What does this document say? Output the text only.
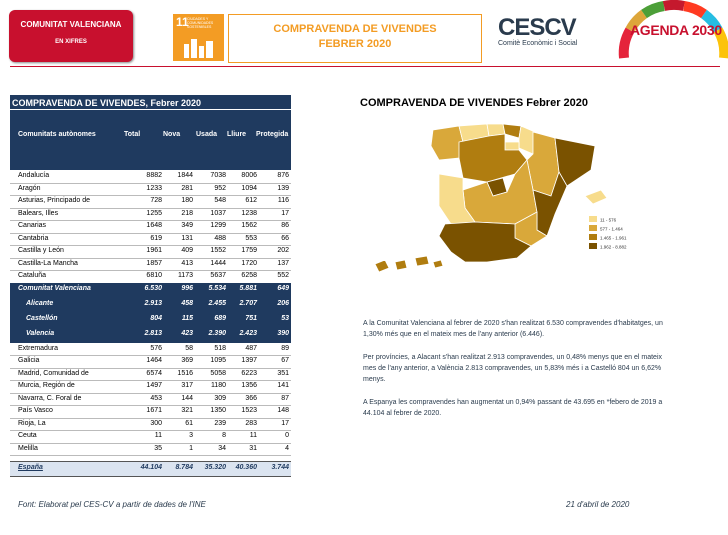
COMUNITAT VALENCIANA
EN XIFRES
11
CIUDADES Y COMUNIDADES SOSTENIBLES	COMPRAVENDA DE VIVENDES
FEBRER 2020
CESCV
Comitè Econòmic i Social
AGENDA 2030
COMPRAVENDA DE VIVENDES, Febrer 2020
Comunitats autònomes	Total	Nova Usada Lliure Protegida
Andalucía	8882 1844 7038 8006	876
Aragón	1233	281	952 1094	139
Asturias, Principado de	728	180	548	612	116
Balears, Illes	1255	218 1037 1238	17
Canarias	1648	349 1299 1562	86
Cantabria	619	131	488	553	66
Castilla y León	1961	409 1552 1759	202
Castilla-La Mancha	1857	413 1444 1720	137
Cataluña	6810 1173 5637 6258	552
Comunitat Valenciana	6.530	996 5.534 5.881	649
Alicante	2.913	458 2.455 2.707	206
Castellón	804	115	689	751	53
Valencia	2.813	423 2.390 2.423	390
Extremadura	576	58	518	487	89
Galicia	1464	369 1095 1397	67
Madrid, Comunidad de	6574 1516 5058 6223	351
Murcia, Región de	1497	317	1180 1356	141
Navarra, C. Foral de	453	144	309	366	87
País Vasco	1671	321 1350 1523	148
Rioja, La	300	61	239	283	17
Ceuta	11	3	8	11	0
Melilla	35	1	34	31	4
España	44.104 8.784 35.320 40.360 3.744
COMPRAVENDA DE VIVENDES Febrer 2020
11 - 576
577 - 1.464
1.465 - 1.961
1.962 - 8.882
A la Comunitat Valenciana al febrer de 2020 s'han realitzat 6.530 compravendes d'habitatges, un 1,30% més que en el mateix mes de l'any anterior (6.446).
Per províncies, a Alacant s'han realitzat 2.913 compravendes, un 0,48% menys que en el mateix mes de l'any anterior, a València 2.813 compravendes, un 5,83% més i a Castelló 804 un 6,62% menys.
A Espanya les compravendes han augmentat un 0,94% passant de 43.695 en *febero de 2019 a 44.104 al febrer de 2020.
Font: Elaborat pel CES-CV a partir de dades de l'INE	21 d'abril de 2020
